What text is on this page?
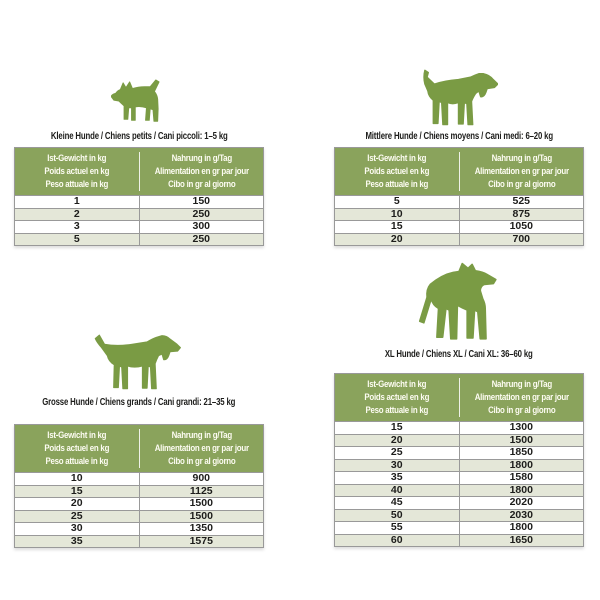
Kleine Hunde / Chiens petits / Cani piccoli: 1–5 kg
Ist-Gewicht in kg
Poids actuel en kg
Peso attuale in kg
Nahrung in g/Tag
Alimentation en gr par jour
Cibo in gr al giorno
1	150
2	250
3	300
5	250
Mittlere Hunde / Chiens moyens / Cani medi: 6–20 kg
Ist-Gewicht in kg
Poids actuel en kg
Peso attuale in kg
Nahrung in g/Tag
Alimentation en gr par jour
Cibo in gr al giorno
5	525
10	875
15	1050
20	700
Grosse Hunde / Chiens grands / Cani grandi: 21–35 kg
Ist-Gewicht in kg
Poids actuel en kg
Peso attuale in kg
Nahrung in g/Tag
Alimentation en gr par jour
Cibo in gr al giorno
10	900
15	1125
20	1500
25	1500
30	1350
35	1575
XL Hunde / Chiens XL / Cani XL: 36–60 kg
Ist-Gewicht in kg
Poids actuel en kg
Peso attuale in kg
Nahrung in g/Tag
Alimentation en gr par jour
Cibo in gr al giorno
15	1300
20	1500
25	1850
30	1800
35	1580
40	1800
45	2020
50	2030
55	1800
60	1650
